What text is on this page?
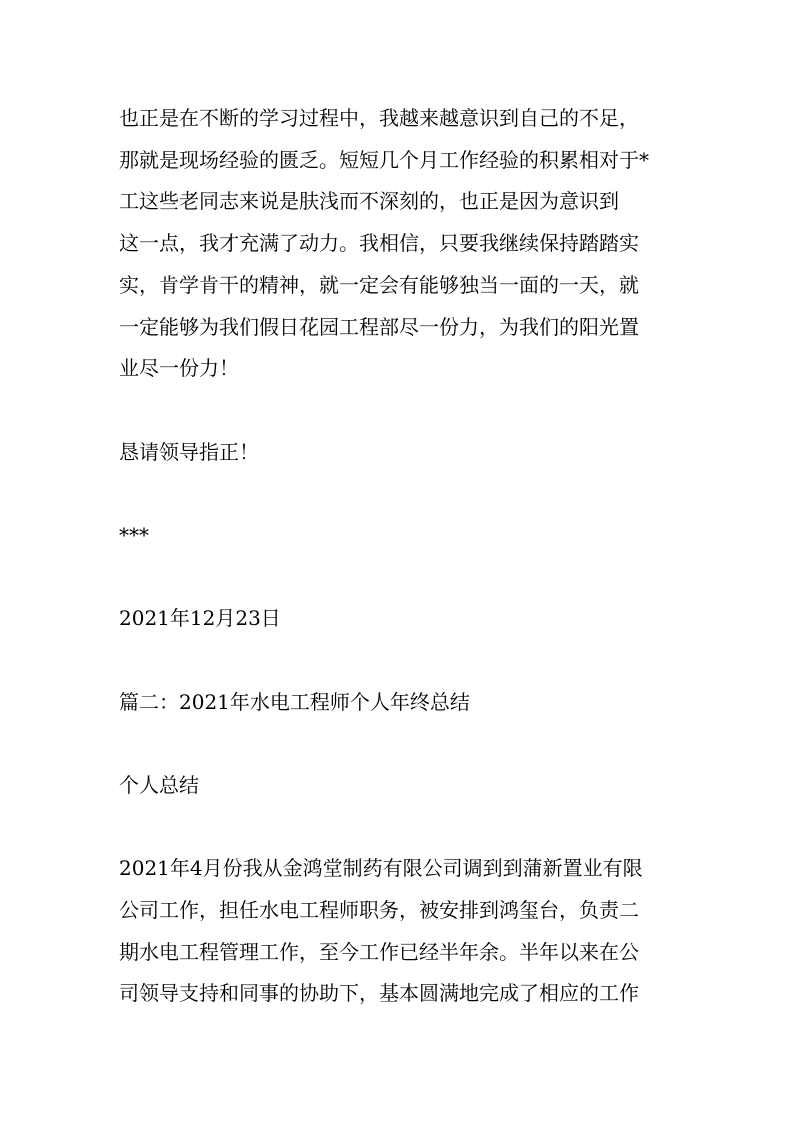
也正是在不断的学习过程中，我越来越意识到自己的不足，
那就是现场经验的匮乏。短短几个月工作经验的积累相对于*
工这些老同志来说是肤浅而不深刻的，也正是因为意识到
这一点，我才充满了动力。我相信，只要我继续保持踏踏实
实，肯学肯干的精神，就一定会有能够独当一面的一天，就
一定能够为我们假日花园工程部尽一份力，为我们的阳光置
业尽一份力！
恳请领导指正！
***
2021年12月23日
篇二：2021年水电工程师个人年终总结
个人总结
2021年4月份我从金鸿堂制药有限公司调到到蒲新置业有限
公司工作，担任水电工程师职务，被安排到鸿玺台，负责二
期水电工程管理工作，至今工作已经半年余。半年以来在公
司领导支持和同事的协助下，基本圆满地完成了相应的工作
